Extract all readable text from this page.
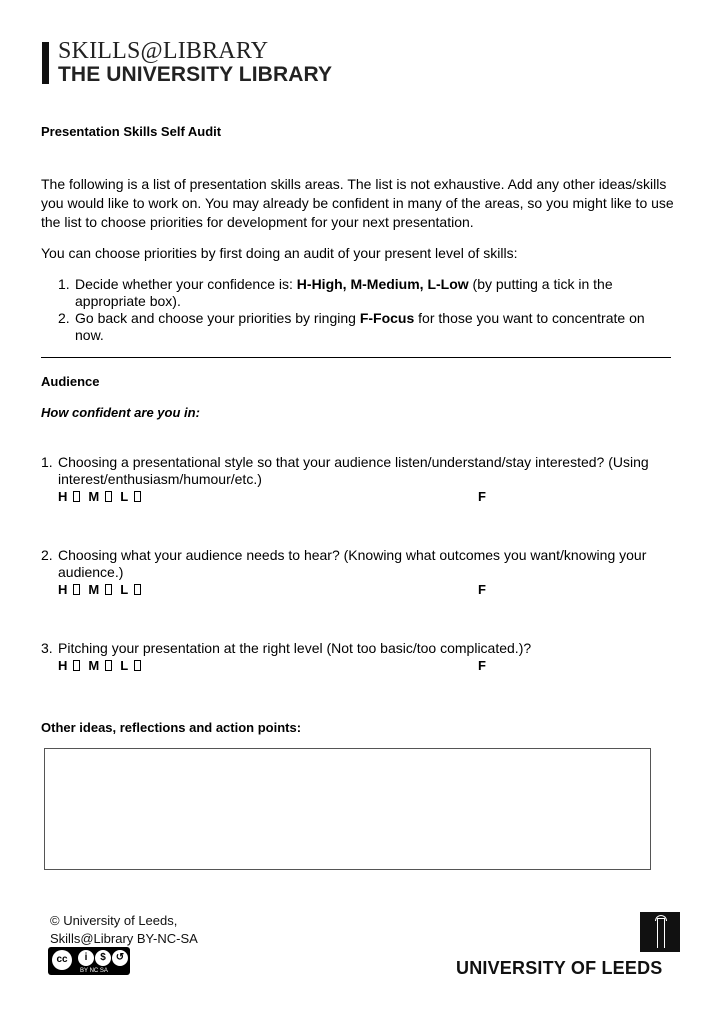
SKILLS@LIBRARY
THE UNIVERSITY LIBRARY
Presentation Skills Self Audit
The following is a list of presentation skills areas. The list is not exhaustive. Add any other ideas/skills you would like to work on. You may already be confident in many of the areas, so you might like to use the list to choose priorities for development for your next presentation.
You can choose priorities by first doing an audit of your present level of skills:
1. Decide whether your confidence is: H-High, M-Medium, L-Low (by putting a tick in the appropriate box).
2. Go back and choose your priorities by ringing F-Focus for those you want to concentrate on now.
Audience
How confident are you in:
1. Choosing a presentational style so that your audience listen/understand/stay interested? (Using interest/enthusiasm/humour/etc.)
H M L	F
2. Choosing what your audience needs to hear? (Knowing what outcomes you want/knowing your audience.)
H M L	F
3. Pitching your presentation at the right level (Not too basic/too complicated.)?
H M L	F
Other ideas, reflections and action points:
© University of Leeds,
Skills@Library BY-NC-SA
cc	i	$	↺
BY NC SA	UNIVERSITY OF LEEDS
